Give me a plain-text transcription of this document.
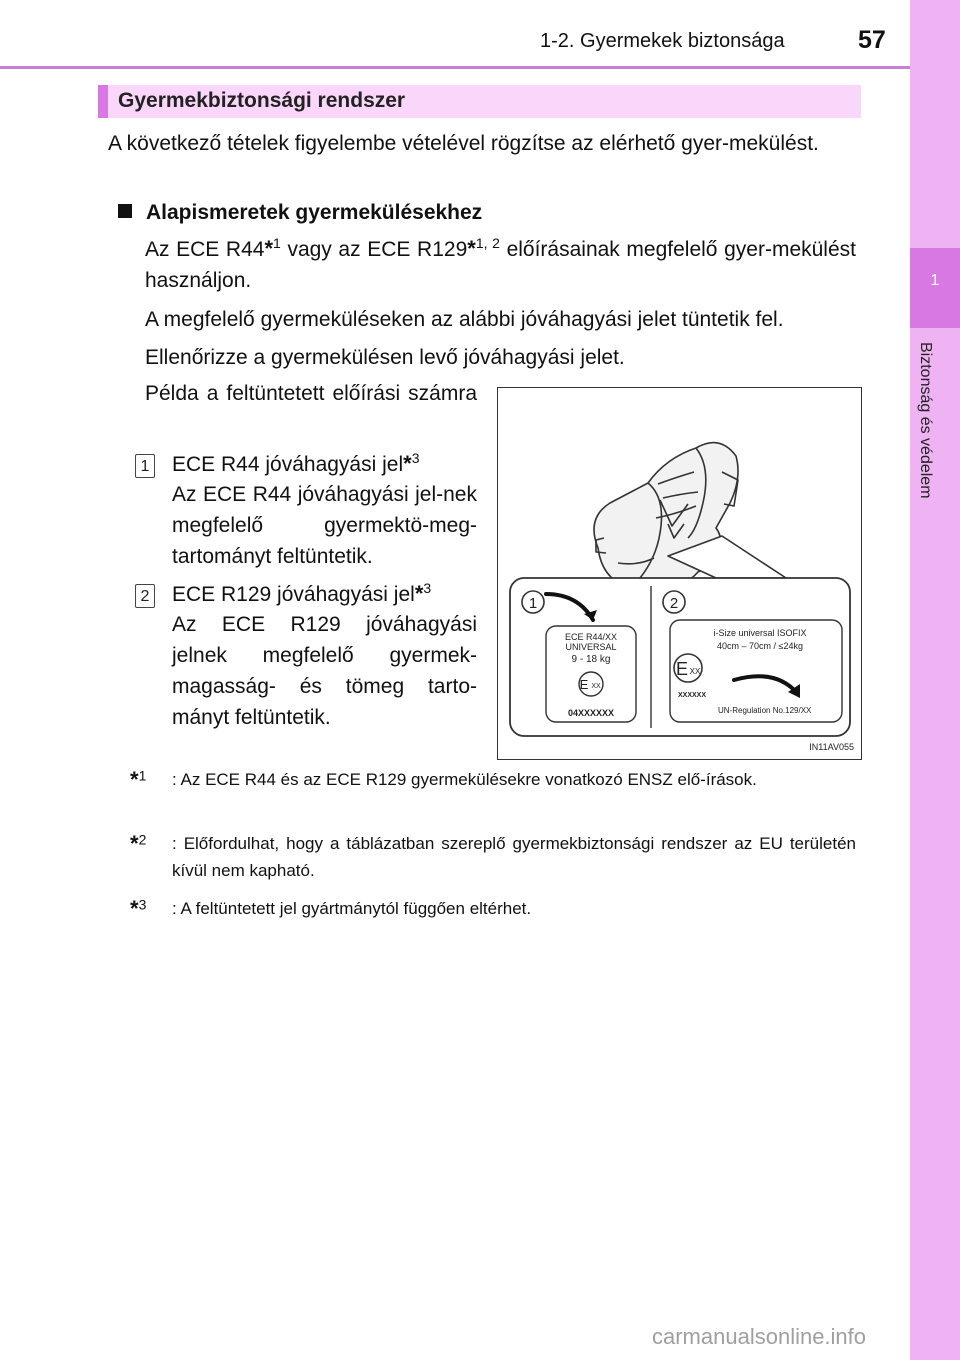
1-2. Gyermekek biztonsága	57
1
Biztonság és védelem
Gyermekbiztonsági rendszer
A következő tételek figyelembe vételével rögzítse az elérhető gyer-mekülést.
Alapismeretek gyermekülésekhez
Az ECE R44*$^1$ vagy az ECE R129*$^{1, 2}$ előírásainak megfelelő gyer-mekülést használjon.
A megfelelő gyermeküléseken az alábbi jóváhagyási jelet tüntetik fel.
Ellenőrizze a gyermekülésen levő jóváhagyási jelet.
Példa a feltüntetett előírási számra
1 ECE R44 jóváhagyási jel*$^3$
Az ECE R44 jóváhagyási jel-nek megfelelő gyermektö-meg-tartományt feltüntetik.
2 ECE R129 jóváhagyási jel*$^3$
Az ECE R129 jóváhagyási jelnek megfelelő gyermek-magasság- és tömeg tarto-mányt feltüntetik.
1	2
ECE R44/XX
UNIVERSAL
9 - 18 kg
E XX
04XXXXXX
i-Size universal ISOFIX
40cm – 70cm / ≤24kg
E XX
XXXXXX
UN-Regulation No.129/XX
IN11AV055
*$^1$ : Az ECE R44 és az ECE R129 gyermekülésekre vonatkozó ENSZ elő-írások.
*$^2$ : Előfordulhat, hogy a táblázatban szereplő gyermekbiztonsági rendszer az EU területén kívül nem kapható.
*$^3$ : A feltüntetett jel gyártmánytól függően eltérhet.
carmanualsonline.info
